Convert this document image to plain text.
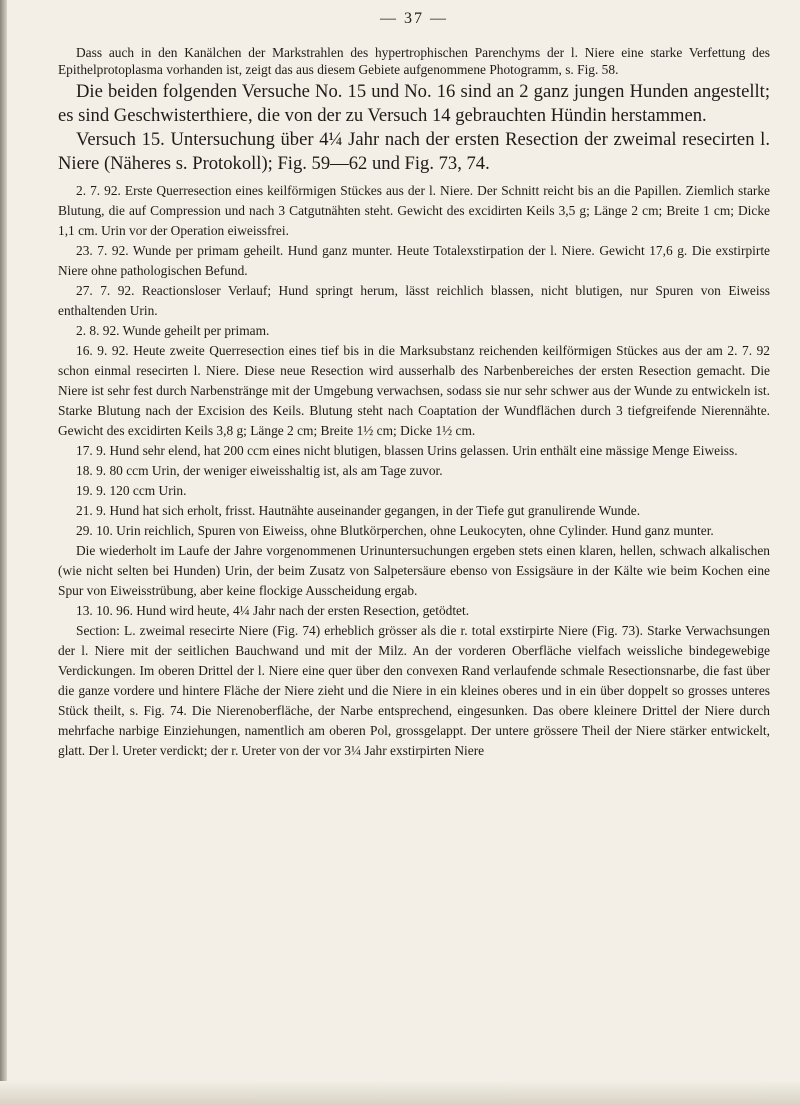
— 37 —

Dass auch in den Kanälchen der Markstrahlen des hypertrophischen Parenchyms der l. Niere eine starke Verfettung des Epithelprotoplasma vorhanden ist, zeigt das aus diesem Gebiete aufgenommene Photogramm, s. Fig. 58.

Die beiden folgenden Versuche No. 15 und No. 16 sind an 2 ganz jungen Hunden angestellt; es sind Geschwisterthiere, die von der zu Versuch 14 gebrauchten Hündin herstammen.

Versuch 15. Untersuchung über 4¼ Jahr nach der ersten Resection der zweimal resecirten l. Niere (Näheres s. Protokoll); Fig. 59—62 und Fig. 73, 74.

2. 7. 92. Erste Querresection eines keilförmigen Stückes aus der l. Niere. Der Schnitt reicht bis an die Papillen. Ziemlich starke Blutung, die auf Compression und nach 3 Catgutnähten steht. Gewicht des excidirten Keils 3,5 g; Länge 2 cm; Breite 1 cm; Dicke 1,1 cm. Urin vor der Operation eiweissfrei.

23. 7. 92. Wunde per primam geheilt. Hund ganz munter. Heute Totalexstirpation der l. Niere. Gewicht 17,6 g. Die exstirpirte Niere ohne pathologischen Befund.

27. 7. 92. Reactionsloser Verlauf; Hund springt herum, lässt reichlich blassen, nicht blutigen, nur Spuren von Eiweiss enthaltenden Urin.

2. 8. 92. Wunde geheilt per primam.

16. 9. 92. Heute zweite Querresection eines tief bis in die Marksubstanz reichenden keilförmigen Stückes aus der am 2. 7. 92 schon einmal resecirten l. Niere. Diese neue Resection wird ausserhalb des Narbenbereiches der ersten Resection gemacht. Die Niere ist sehr fest durch Narbenstränge mit der Umgebung verwachsen, sodass sie nur sehr schwer aus der Wunde zu entwickeln ist. Starke Blutung nach der Excision des Keils. Blutung steht nach Coaptation der Wundflächen durch 3 tiefgreifende Nierennähte. Gewicht des excidirten Keils 3,8 g; Länge 2 cm; Breite 1½ cm; Dicke 1½ cm.

17. 9. Hund sehr elend, hat 200 ccm eines nicht blutigen, blassen Urins gelassen. Urin enthält eine mässige Menge Eiweiss.

18. 9. 80 ccm Urin, der weniger eiweisshaltig ist, als am Tage zuvor.

19. 9. 120 ccm Urin.

21. 9. Hund hat sich erholt, frisst. Hautnähte auseinander gegangen, in der Tiefe gut granulirende Wunde.

29. 10. Urin reichlich, Spuren von Eiweiss, ohne Blutkörperchen, ohne Leukocyten, ohne Cylinder. Hund ganz munter.

Die wiederholt im Laufe der Jahre vorgenommenen Urinuntersuchungen ergeben stets einen klaren, hellen, schwach alkalischen (wie nicht selten bei Hunden) Urin, der beim Zusatz von Salpetersäure ebenso von Essigsäure in der Kälte wie beim Kochen eine Spur von Eiweisstrübung, aber keine flockige Ausscheidung ergab.

13. 10. 96. Hund wird heute, 4¼ Jahr nach der ersten Resection, getödtet.

Section: L. zweimal resecirte Niere (Fig. 74) erheblich grösser als die r. total exstirpirte Niere (Fig. 73). Starke Verwachsungen der l. Niere mit der seitlichen Bauchwand und mit der Milz. An der vorderen Oberfläche vielfach weissliche bindegewebige Verdickungen. Im oberen Drittel der l. Niere eine quer über den convexen Rand verlaufende schmale Resectionsnarbe, die fast über die ganze vordere und hintere Fläche der Niere zieht und die Niere in ein kleines oberes und in ein über doppelt so grosses unteres Stück theilt, s. Fig. 74. Die Nierenoberfläche, der Narbe entsprechend, eingesunken. Das obere kleinere Drittel der Niere durch mehrfache narbige Einziehungen, namentlich am oberen Pol, grossgelappt. Der untere grössere Theil der Niere stärker entwickelt, glatt. Der l. Ureter verdickt; der r. Ureter von der vor 3¼ Jahr exstirpirten Niere
